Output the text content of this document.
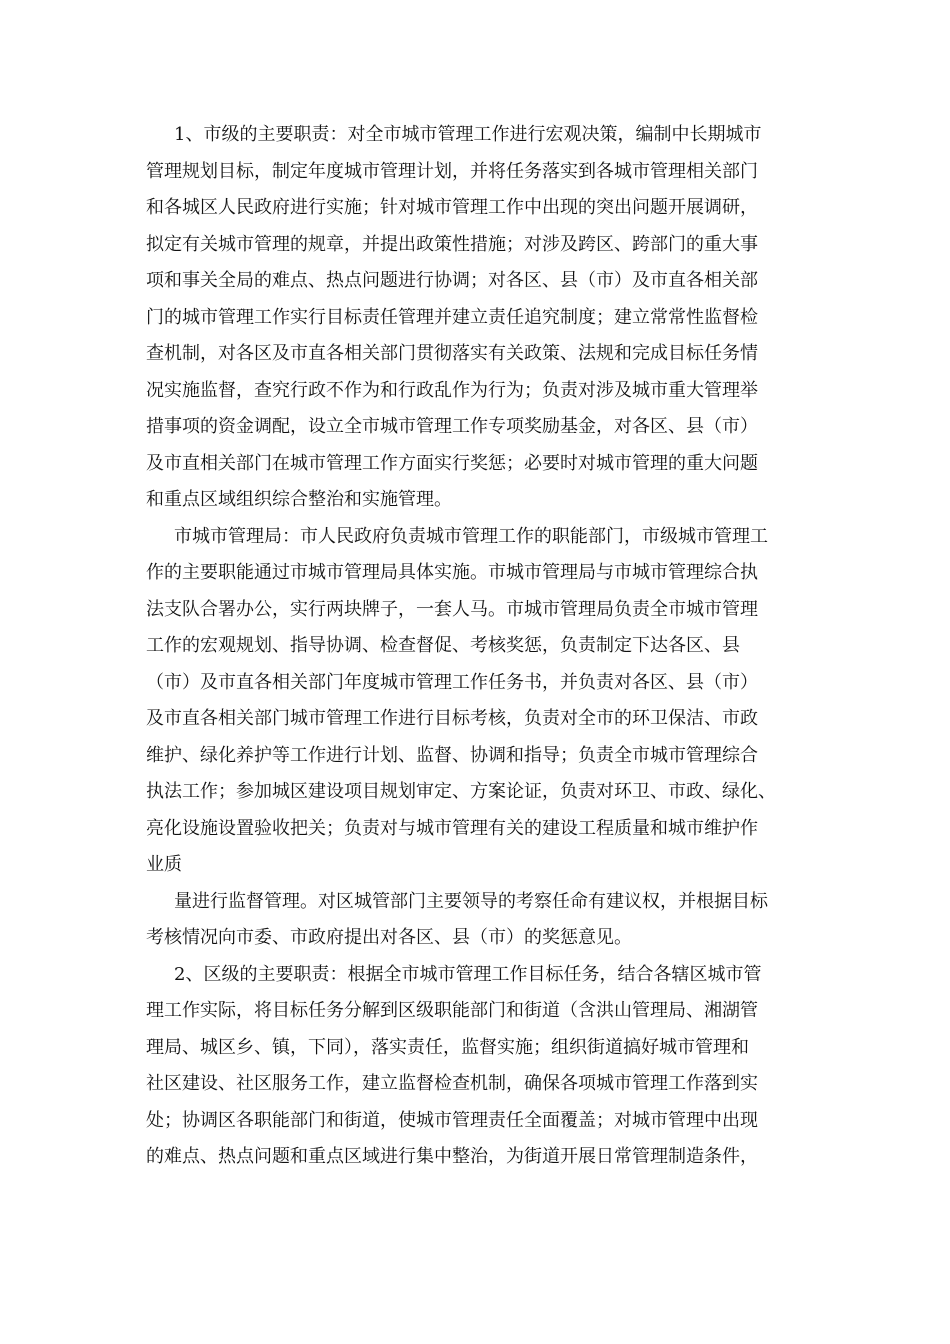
1、市级的主要职责：对全市城市管理工作进行宏观决策，编制中长期城市
管理规划目标，制定年度城市管理计划，并将任务落实到各城市管理相关部门
和各城区人民政府进行实施；针对城市管理工作中出现的突出问题开展调研，
拟定有关城市管理的规章，并提出政策性措施；对涉及跨区、跨部门的重大事
项和事关全局的难点、热点问题进行协调；对各区、县（市）及市直各相关部
门的城市管理工作实行目标责任管理并建立责任追究制度；建立常常性监督检
查机制，对各区及市直各相关部门贯彻落实有关政策、法规和完成目标任务情
况实施监督，查究行政不作为和行政乱作为行为；负责对涉及城市重大管理举
措事项的资金调配，设立全市城市管理工作专项奖励基金，对各区、县（市）
及市直相关部门在城市管理工作方面实行奖惩；必要时对城市管理的重大问题
和重点区域组织综合整治和实施管理。
市城市管理局：市人民政府负责城市管理工作的职能部门，市级城市管理工
作的主要职能通过市城市管理局具体实施。市城市管理局与市城市管理综合执
法支队合署办公，实行两块牌子，一套人马。市城市管理局负责全市城市管理
工作的宏观规划、指导协调、检查督促、考核奖惩，负责制定下达各区、县
（市）及市直各相关部门年度城市管理工作任务书，并负责对各区、县（市）
及市直各相关部门城市管理工作进行目标考核，负责对全市的环卫保洁、市政
维护、绿化养护等工作进行计划、监督、协调和指导；负责全市城市管理综合
执法工作；参加城区建设项目规划审定、方案论证，负责对环卫、市政、绿化、
亮化设施设置验收把关；负责对与城市管理有关的建设工程质量和城市维护作
业质
量进行监督管理。对区城管部门主要领导的考察任命有建议权，并根据目标
考核情况向市委、市政府提出对各区、县（市）的奖惩意见。
2、区级的主要职责：根据全市城市管理工作目标任务，结合各辖区城市管
理工作实际，将目标任务分解到区级职能部门和街道（含洪山管理局、湘湖管
理局、城区乡、镇，下同），落实责任，监督实施；组织街道搞好城市管理和
社区建设、社区服务工作，建立监督检查机制，确保各项城市管理工作落到实
处；协调区各职能部门和街道，使城市管理责任全面覆盖；对城市管理中出现
的难点、热点问题和重点区域进行集中整治，为街道开展日常管理制造条件，
